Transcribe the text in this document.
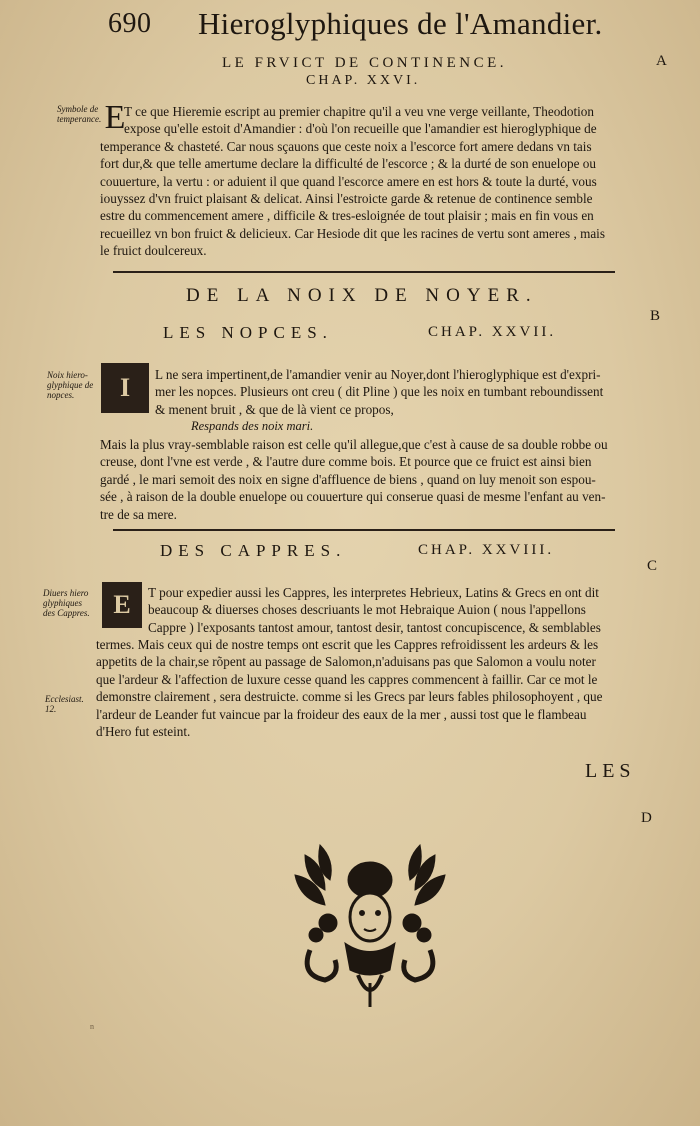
690 Hieroglyphiques de l'Amandier.
LE FRVICT DE CONTINENCE.
CHAP. XXVI.
A
Symbole de
temperance. E
T ce que Hieremie escript au premier chapitre qu'il a veu vne verge veillante, Theodotion
expose qu'elle estoit d'Amandier : d'où l'on recueille que l'amandier est hieroglyphique de
temperance & chasteté. Car nous sçauons que ceste noix a l'escorce fort amere dedans vn tais
fort dur,& que telle amertume declare la difficulté de l'escorce ; & la durté de son enuelope ou
couuerture, la vertu : or aduient il que quand l'escorce amere en est hors & toute la durté, vous
iouyssez d'vn fruict plaisant & delicat. Ainsi l'estroicte garde & retenue de continence semble
estre du commencement amere , difficile & tres-esloignée de tout plaisir ; mais en fin vous en
recueillez vn bon fruict & delicieux. Car Hesiode dit que les racines de vertu sont ameres , mais
le fruict doulcereux.
DE LA NOIX DE NOYER.
LES NOPCES.	CHAP. XXVII.
B
Noix hiero-
glyphique de
nopces.	I L ne sera impertinent,de l'amandier venir au Noyer,dont l'hieroglyphique est d'expri-
mer les nopces. Plusieurs ont creu ( dit Pline ) que les noix en tumbant reboundissent
& menent bruit , & que de là vient ce propos,
Respands des noix mari.
Mais la plus vray-semblable raison est celle qu'il allegue,que c'est à cause de sa double robbe ou
creuse, dont l'vne est verde , & l'autre dure comme bois. Et pource que ce fruict est ainsi bien
gardé , le mari semoit des noix en signe d'affluence de biens , quand on luy menoit son espou-
sée , à raison de la double enuelope ou couuerture qui conserue quasi de mesme l'enfant au ven-
tre de sa mere.
DES CAPPRES.	CHAP. XXVIII.
C
Diuers hiero
glyphiques
des Cappres. E T pour expedier aussi les Cappres, les interpretes Hebrieux, Latins & Grecs en ont dit
beaucoup & diuerses choses descriuants le mot Hebraique Auion ( nous l'appellons
Cappre ) l'exposants tantost amour, tantost desir, tantost concupiscence, & semblables
termes. Mais ceux qui de nostre temps ont escrit que les Cappres refroidissent les ardeurs & les
appetits de la chair,se rõpent au passage de Salomon,n'aduisans pas que Salomon a voulu noter
que l'ardeur & l'affection de luxure cesse quand les cappres commencent à faillir. Car ce mot le
demonstre clairement , sera destruicte. comme si les Grecs par leurs fables philosophoyent , que
l'ardeur de Leander fut vaincue par la froideur des eaux de la mer , aussi tost que le flambeau
d'Hero fut esteint.
Ecclesiast.
12.
LES
D
n
